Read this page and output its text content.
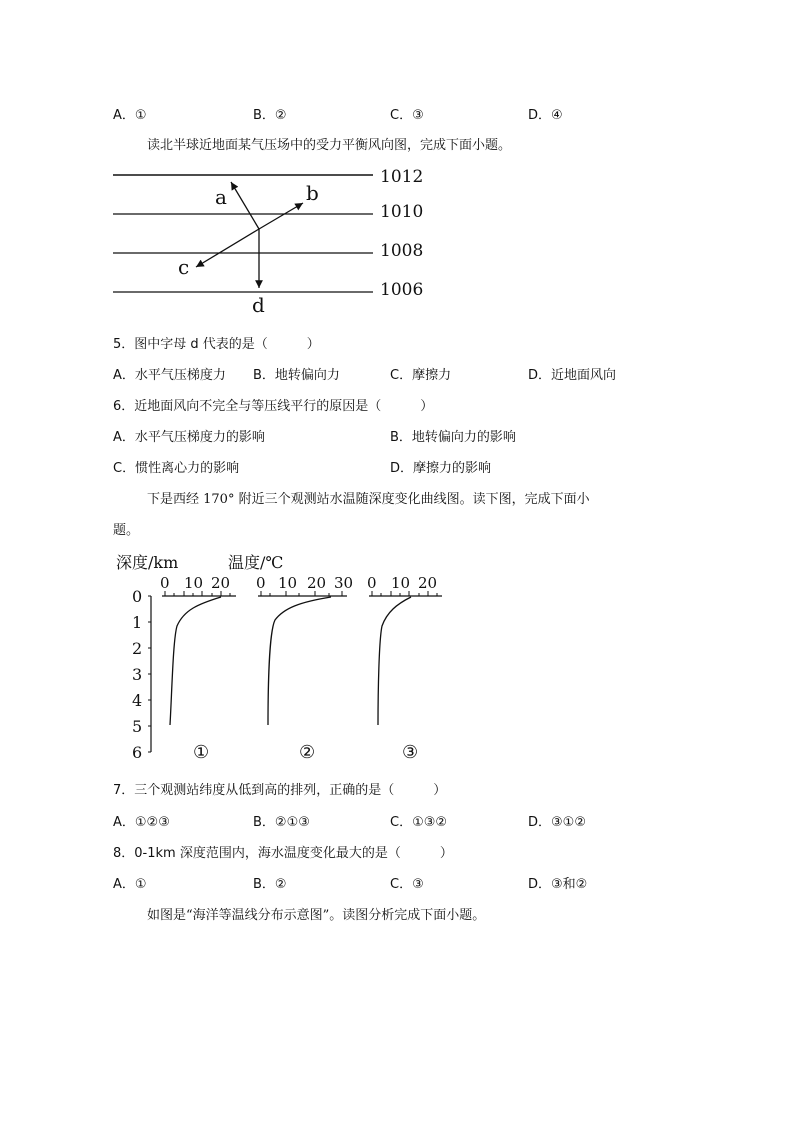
A．①	B．②	C．③	D．④
读北半球近地面某气压场中的受力平衡风向图，完成下面小题。
1012
1010
1008
1006
a	b
c
d
5．图中字母 d 代表的是（　　　）
A．水平气压梯度力 B．地转偏向力	C．摩擦力	D．近地面风向
6．近地面风向不完全与等压线平行的原因是（　　　）
A．水平气压梯度力的影响	B．地转偏向力的影响
C．惯性离心力的影响	D．摩擦力的影响
下是西经 170° 附近三个观测站水温随深度变化曲线图。读下图，完成下面小
题。
深度/km	温度/℃
0
1
2
3
4
5
6
0 10 20
①
0 10 20 30
②
0 10 20
③
7．三个观测站纬度从低到高的排列，正确的是（　　　）
A．①②③	B．②①③	C．①③②	D．③①②
8．0-1km 深度范围内，海水温度变化最大的是（　　　）
A．①	B．②	C．③	D．③和②
如图是“海洋等温线分布示意图”。读图分析完成下面小题。
